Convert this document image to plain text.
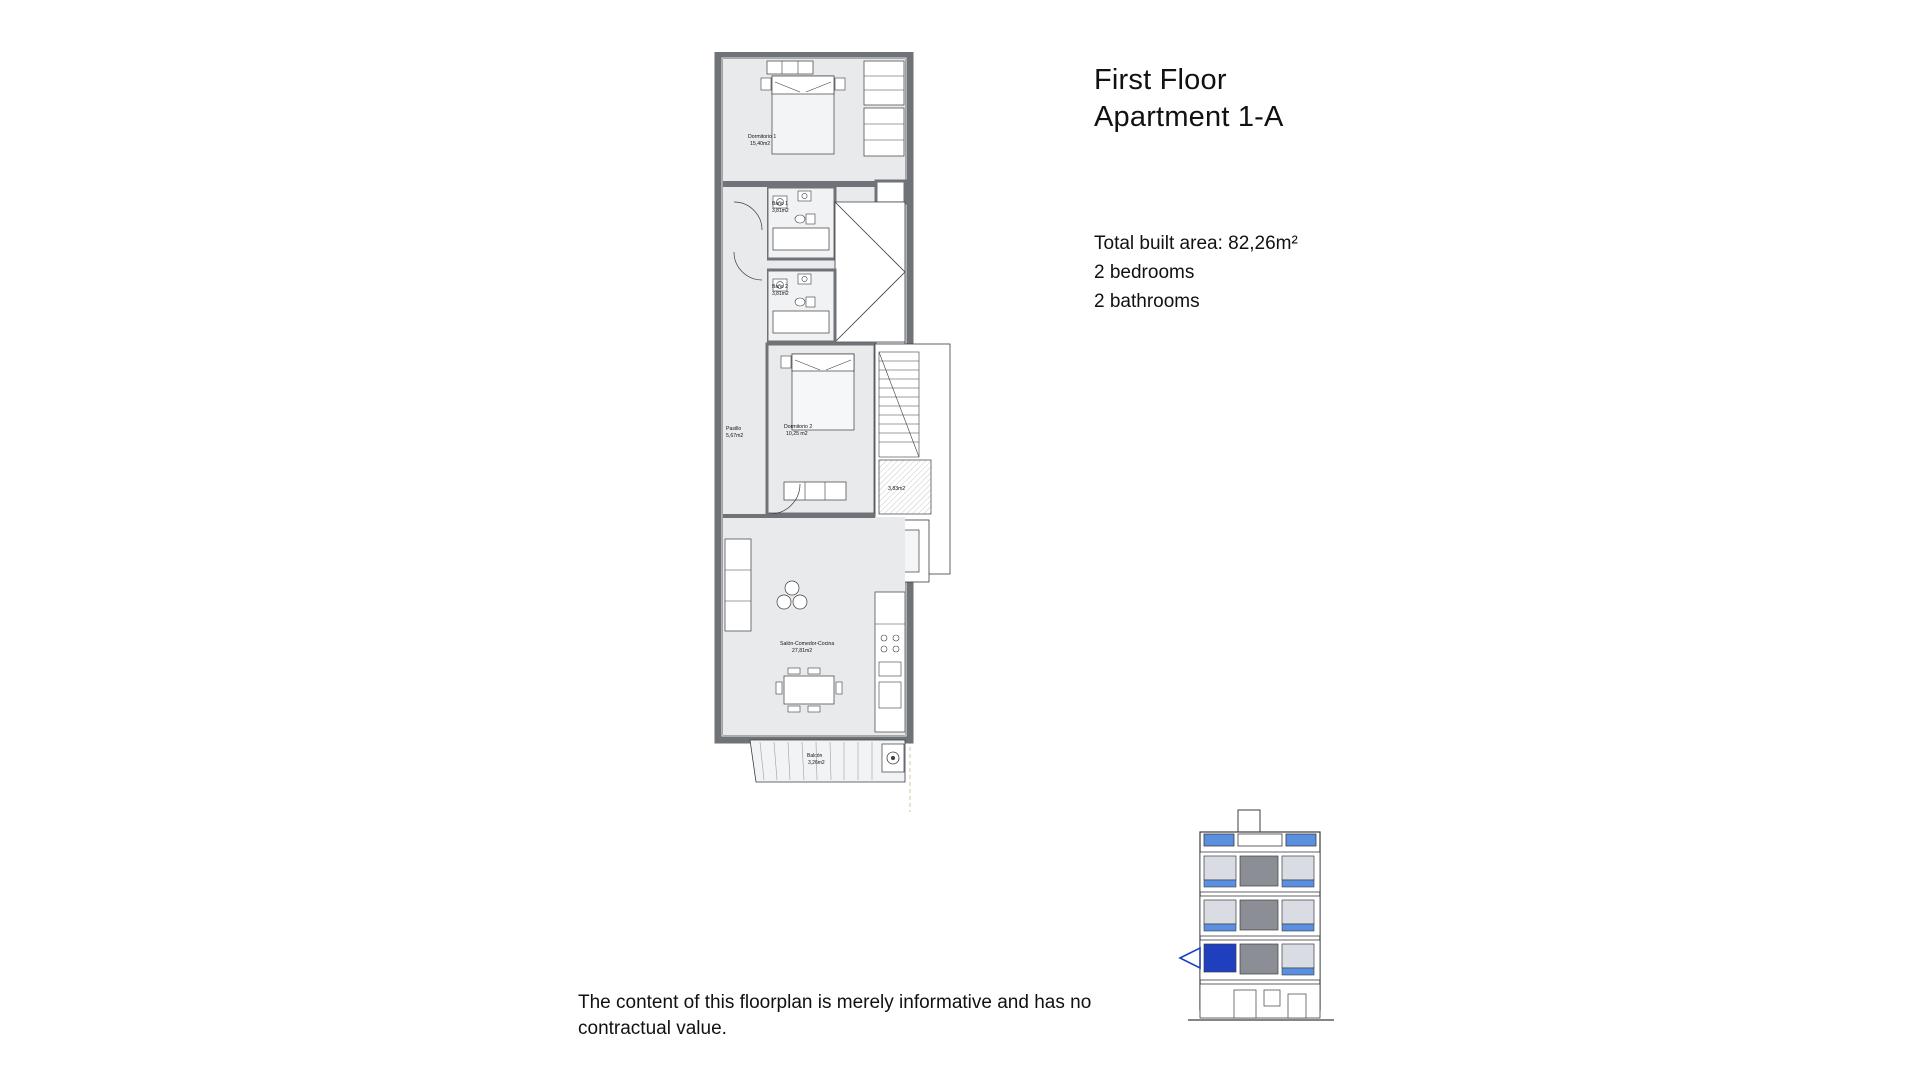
Dormitorio 1
15,40m2
Baño 1
3,81m2
Baño 2
3,81m2
Pasillo
5,67m2
Dormitorio 2
10,25 m2
3,83m2
Salón-Comedor-Cocina
27,81m2
Balcón
3,26m2
First Floor
Apartment 1-A
Total built area: 82,26m²
2 bedrooms
2 bathrooms
The content of this floorplan is merely informative and has no contractual value.
